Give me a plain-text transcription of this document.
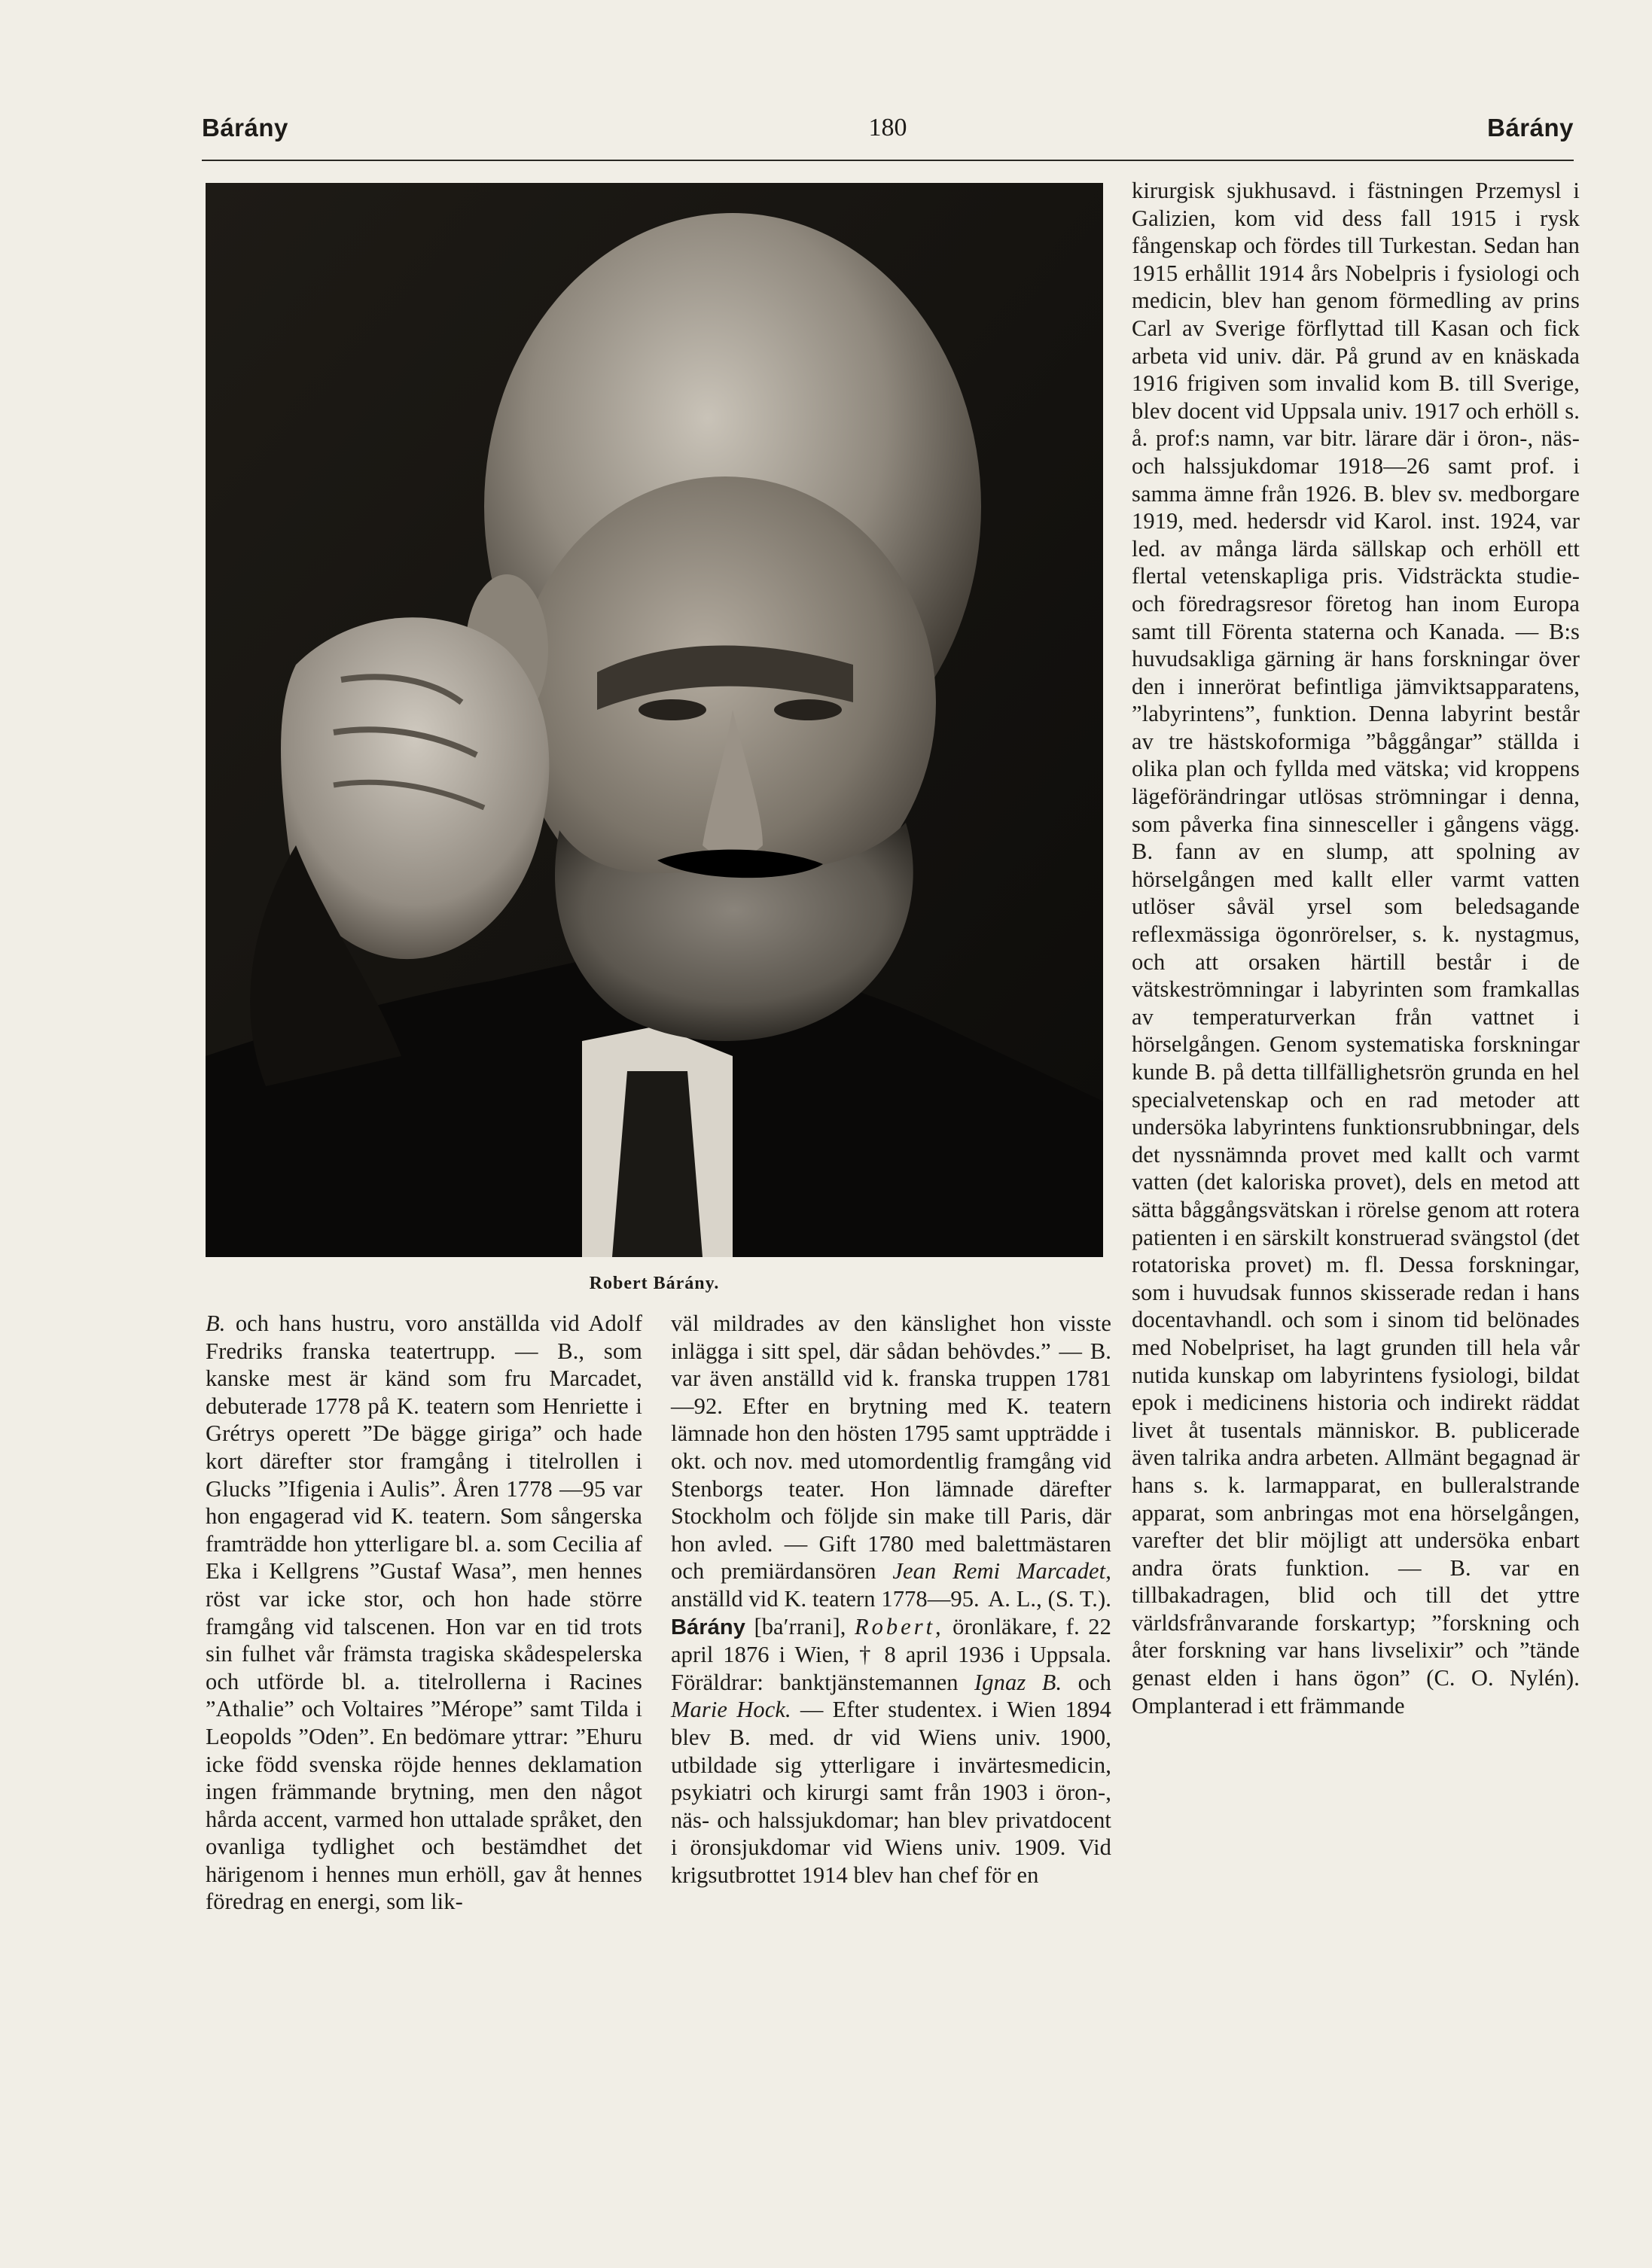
Bárány	180	Bárány
Robert Bárány.

B. och hans hustru, voro anställda vid Adolf Fredriks franska teatertrupp. — B., som kanske mest är känd som fru Marcadet, debuterade 1778 på K. teatern som Henriette i Grétrys operett ”De bägge giriga” och hade kort därefter stor framgång i titelrollen i Glucks ”Ifigenia i Aulis”. Åren 1778 —95 var hon engagerad vid K. teatern. Som sångerska framträdde hon ytterligare bl. a. som Cecilia af Eka i Kellgrens ”Gustaf Wasa”, men hennes röst var icke stor, och hon hade större framgång vid talscenen. Hon var en tid trots sin fulhet vår främsta tragiska skådespelerska och utförde bl. a. titelrollerna i Racines ”Athalie” och Voltaires ”Mérope” samt Tilda i Leopolds ”Oden”. En bedömare yttrar: ”Ehuru icke född svenska röjde hennes deklamation ingen främmande brytning, men den något hårda accent, varmed hon uttalade språket, den ovanliga tydlighet och bestämdhet det härigenom i hennes mun erhöll, gav åt hennes föredrag en energi, som lik-

väl mildrades av den känslighet hon visste inlägga i sitt spel, där sådan behövdes.” — B. var även anställd vid k. franska truppen 1781—92. Efter en brytning med K. teatern lämnade hon den hösten 1795 samt uppträdde i okt. och nov. med utomordentlig framgång vid Stenborgs teater. Hon lämnade därefter Stockholm och följde sin make till Paris, där hon avled. — Gift 1780 med balettmästaren och premiärdansören Jean Remi Marcadet, anställd vid K. teatern 1778—95. A. L., (S. T.).

Bárány [ba′rrani], Robert, öronläkare, f. 22 april 1876 i Wien, † 8 april 1936 i Uppsala. Föräldrar: banktjänstemannen Ignaz B. och Marie Hock. — Efter studentex. i Wien 1894 blev B. med. dr vid Wiens univ. 1900, utbildade sig ytterligare i invärtesmedicin, psykiatri och kirurgi samt från 1903 i öron-, näs- och halssjukdomar; han blev privatdocent i öronsjukdomar vid Wiens univ. 1909. Vid krigsutbrottet 1914 blev han chef för en

kirurgisk sjukhusavd. i fästningen Przemysl i Galizien, kom vid dess fall 1915 i rysk fångenskap och fördes till Turkestan. Sedan han 1915 erhållit 1914 års Nobelpris i fysiologi och medicin, blev han genom förmedling av prins Carl av Sverige förflyttad till Kasan och fick arbeta vid univ. där. På grund av en knäskada 1916 frigiven som invalid kom B. till Sverige, blev docent vid Uppsala univ. 1917 och erhöll s. å. prof:s namn, var bitr. lärare där i öron-, näs- och halssjukdomar 1918—26 samt prof. i samma ämne från 1926. B. blev sv. medborgare 1919, med. hedersdr vid Karol. inst. 1924, var led. av många lärda sällskap och erhöll ett flertal vetenskapliga pris. Vidsträckta studie- och föredragsresor företog han inom Europa samt till Förenta staterna och Kanada. — B:s huvudsakliga gärning är hans forskningar över den i innerörat befintliga jämviktsapparatens, ”labyrintens”, funktion. Denna labyrint består av tre hästskoformiga ”båggångar” ställda i olika plan och fyllda med vätska; vid kroppens lägeförändringar utlösas strömningar i denna, som påverka fina sinnesceller i gångens vägg. B. fann av en slump, att spolning av hörselgången med kallt eller varmt vatten utlöser såväl yrsel som beledsagande reflexmässiga ögonrörelser, s. k. nystagmus, och att orsaken härtill består i de vätskeströmningar i labyrinten som framkallas av temperaturverkan från vattnet i hörselgången. Genom systematiska forskningar kunde B. på detta tillfällighetsrön grunda en hel specialvetenskap och en rad metoder att undersöka labyrintens funktionsrubbningar, dels det nyssnämnda provet med kallt och varmt vatten (det kaloriska provet), dels en metod att sätta båggångsvätskan i rörelse genom att rotera patienten i en särskilt konstruerad svängstol (det rotatoriska provet) m. fl. Dessa forskningar, som i huvudsak funnos skisserade redan i hans docentavhandl. och som i sinom tid belönades med Nobelpriset, ha lagt grunden till hela vår nutida kunskap om labyrintens fysiologi, bildat epok i medicinens historia och indirekt räddat livet åt tusentals människor. B. publicerade även talrika andra arbeten. Allmänt begagnad är hans s. k. larmapparat, en bulleralstrande apparat, som anbringas mot ena hörselgången, varefter det blir möjligt att undersöka enbart andra örats funktion. — B. var en tillbakadragen, blid och till det yttre världsfrånvarande forskartyp; ”forskning och åter forskning var hans livselixir” och ”tände genast elden i hans ögon” (C. O. Nylén). Omplanterad i ett främmande
